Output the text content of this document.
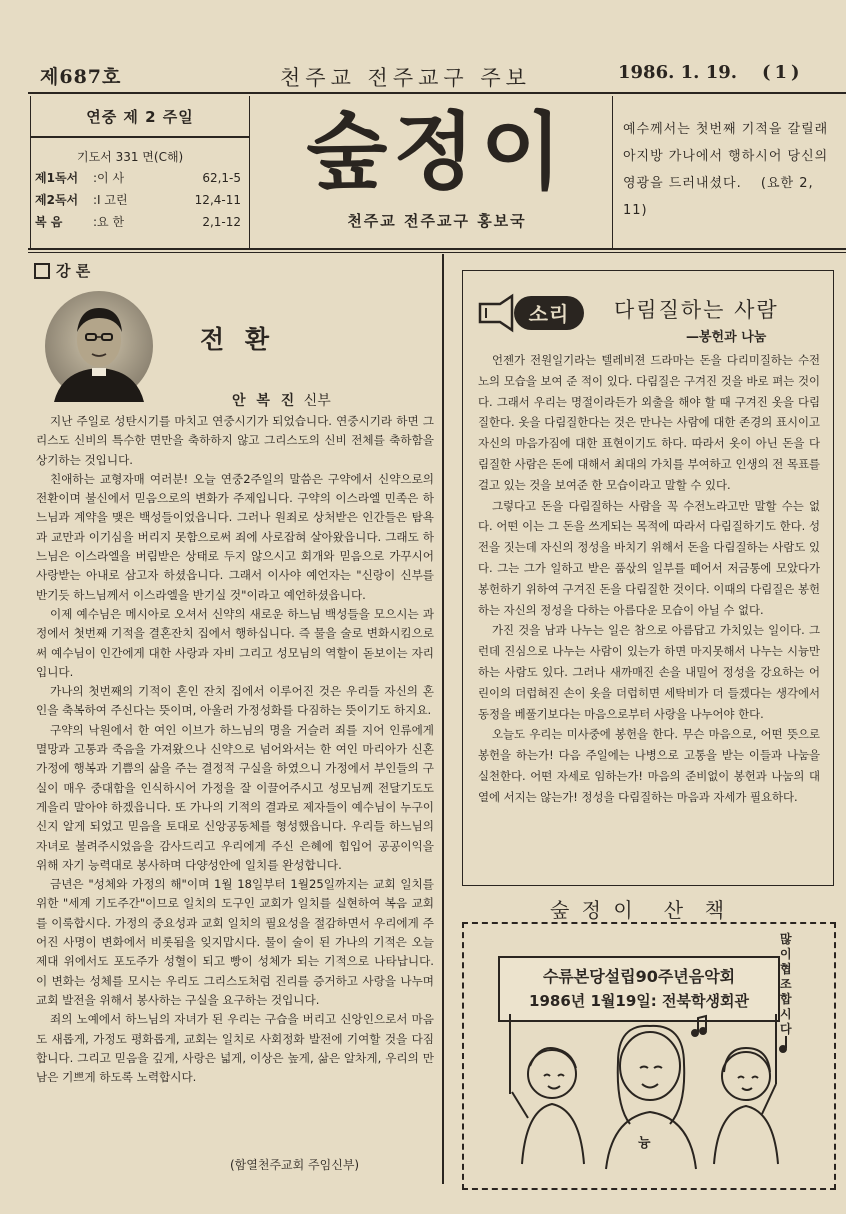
제687호	천주교 전주교구 주보	1986. 1. 19. (1)
연중 제 2 주일
기도서 331 면(C해)
제1독서	:이 사	62,1-5
제2독서	:I 고린	12,4-11
복 음	:요 한	2,1-12
숲정이
천주교 전주교구 홍보국
예수께서는 첫번째 기적을 갈릴래아지방 가나에서 행하시어 당신의 영광을 드러내셨다. (요한 2, 11)
강 론
전 환
안 복 진 신부

지난 주일로 성탄시기를 마치고 연중시기가 되었습니다. 연중시기라 하면 그리스도 신비의 특수한 면만을 축하하지 않고 그리스도의 신비 전체를 축하함을 상기하는 것입니다.

친애하는 교형자매 여러분! 오늘 연중2주일의 말씀은 구약에서 신약으로의 전환이며 불신에서 믿음으로의 변화가 주제입니다. 구약의 이스라엘 민족은 하느님과 계약을 맺은 백성들이었읍니다. 그러나 원죄로 상처받은 인간들은 탐욕과 교만과 이기심을 버리지 못함으로써 죄에 사로잡혀 살아왔읍니다. 그래도 하느님은 이스라엘을 버림받은 상태로 두지 않으시고 회개와 믿음으로 가꾸시어 사랑받는 아내로 삼고자 하셨읍니다. 그래서 이사야 예언자는 "신랑이 신부를 반기듯 하느님께서 이스라엘을 반기실 것"이라고 예언하셨읍니다.

이제 예수님은 메시아로 오셔서 신약의 새로운 하느님 백성들을 모으시는 과정에서 첫번째 기적을 결혼잔치 집에서 행하십니다. 즉 물을 술로 변화시킴으로써 예수님이 인간에게 대한 사랑과 자비 그리고 성모님의 역할이 돋보이는 자리입니다.

가나의 첫번째의 기적이 혼인 잔치 집에서 이루어진 것은 우리들 자신의 혼인을 축복하여 주신다는 뜻이며, 아울러 가정성화를 다짐하는 뜻이기도 하지요.

구약의 낙원에서 한 여인 이브가 하느님의 명을 거슬러 죄를 지어 인류에게 멸망과 고통과 죽음을 가져왔으나 신약으로 넘어와서는 한 여인 마리아가 신혼 가정에 행복과 기쁨의 삶을 주는 결정적 구실을 하였으니 가정에서 부인들의 구실이 매우 중대함을 인식하시어 가정을 잘 이끌어주시고 성모님께 전달기도도 게을리 말아야 하겠읍니다. 또 가나의 기적의 결과로 제자들이 예수님이 누구이신지 알게 되었고 믿음을 토대로 신앙공동체를 형성했읍니다. 우리들 하느님의 자녀로 불려주시었음을 감사드리고 우리에게 주신 은혜에 힘입어 공공이익을 위해 자기 능력대로 봉사하며 다양성안에 일치를 완성합니다.

금년은 "성체와 가정의 해"이며 1월 18일부터 1월25일까지는 교회 일치를 위한 "세계 기도주간"이므로 일치의 도구인 교회가 일치를 실현하여 복음 교회를 이룩합시다. 가정의 중요성과 교회 일치의 필요성을 절감하면서 우리에게 주어진 사명이 변화에서 비롯됨을 잊지맙시다. 물이 술이 된 가나의 기적은 오늘 제대 위에서도 포도주가 성혈이 되고 빵이 성체가 되는 기적으로 나타납니다. 이 변화는 성체를 모시는 우리도 그리스도처럼 진리를 증거하고 사랑을 나누며 교회 발전을 위해서 봉사하는 구실을 요구하는 것입니다.

죄의 노예에서 하느님의 자녀가 된 우리는 구습을 버리고 신앙인으로서 마음도 새롭게, 가정도 평화롭게, 교회는 일치로 사회정화 발전에 기여할 것을 다짐합니다. 그리고 믿음을 깊게, 사랑은 넓게, 이상은 높게, 삶은 알차게, 우리의 만남은 기쁘게 하도록 노력합시다.

(함열천주교회 주임신부)
소리	다림질하는 사람
—봉헌과 나눔

언젠가 전원일기라는 텔레비젼 드라마는 돈을 다리미질하는 수전노의 모습을 보여 준 적이 있다. 다림질은 구겨진 것을 바로 펴는 것이다. 그래서 우리는 명절이라든가 외출을 해야 할 때 구겨진 옷을 다림질한다. 옷을 다림질한다는 것은 만나는 사람에 대한 존경의 표시이고 자신의 마음가짐에 대한 표현이기도 하다. 따라서 옷이 아닌 돈을 다림질한 사람은 돈에 대해서 최대의 가치를 부여하고 인생의 전 목표를 걸고 있는 것을 보여준 한 모습이라고 말할 수 있다.

그렇다고 돈을 다림질하는 사람을 꼭 수전노라고만 말할 수는 없다. 어떤 이는 그 돈을 쓰게되는 목적에 따라서 다림질하기도 한다. 성전을 짓는데 자신의 정성을 바치기 위해서 돈을 다림질하는 사람도 있다. 그는 그가 일하고 받은 품삯의 일부를 떼어서 저금통에 모았다가 봉헌하기 위하여 구겨진 돈을 다림질한 것이다. 이때의 다림질은 봉헌하는 자신의 정성을 다하는 아름다운 모습이 아닐 수 없다.

가진 것을 남과 나누는 일은 참으로 아름답고 가치있는 일이다. 그런데 진심으로 나누는 사람이 있는가 하면 마지못해서 나누는 시늉만 하는 사람도 있다. 그러나 새까매진 손을 내밀어 정성을 강요하는 어린이의 더럽혀진 손이 옷을 더럽히면 세탁비가 더 들겠다는 생각에서 동정을 베풀기보다는 마음으로부터 사랑을 나누어야 한다.

오늘도 우리는 미사중에 봉헌을 한다. 무슨 마음으로, 어떤 뜻으로 봉헌을 하는가! 다음 주일에는 나병으로 고통을 받는 이들과 나눔을 실천한다. 어떤 자세로 임하는가! 마음의 준비없이 봉헌과 나눔의 대열에 서지는 않는가! 정성을 다림질하는 마음과 자세가 필요하다.

숲 정 이   산  책
수류본당설립90주년음악회
1986년 1월19일: 전북학생회관
많이 협조합시다
늉
